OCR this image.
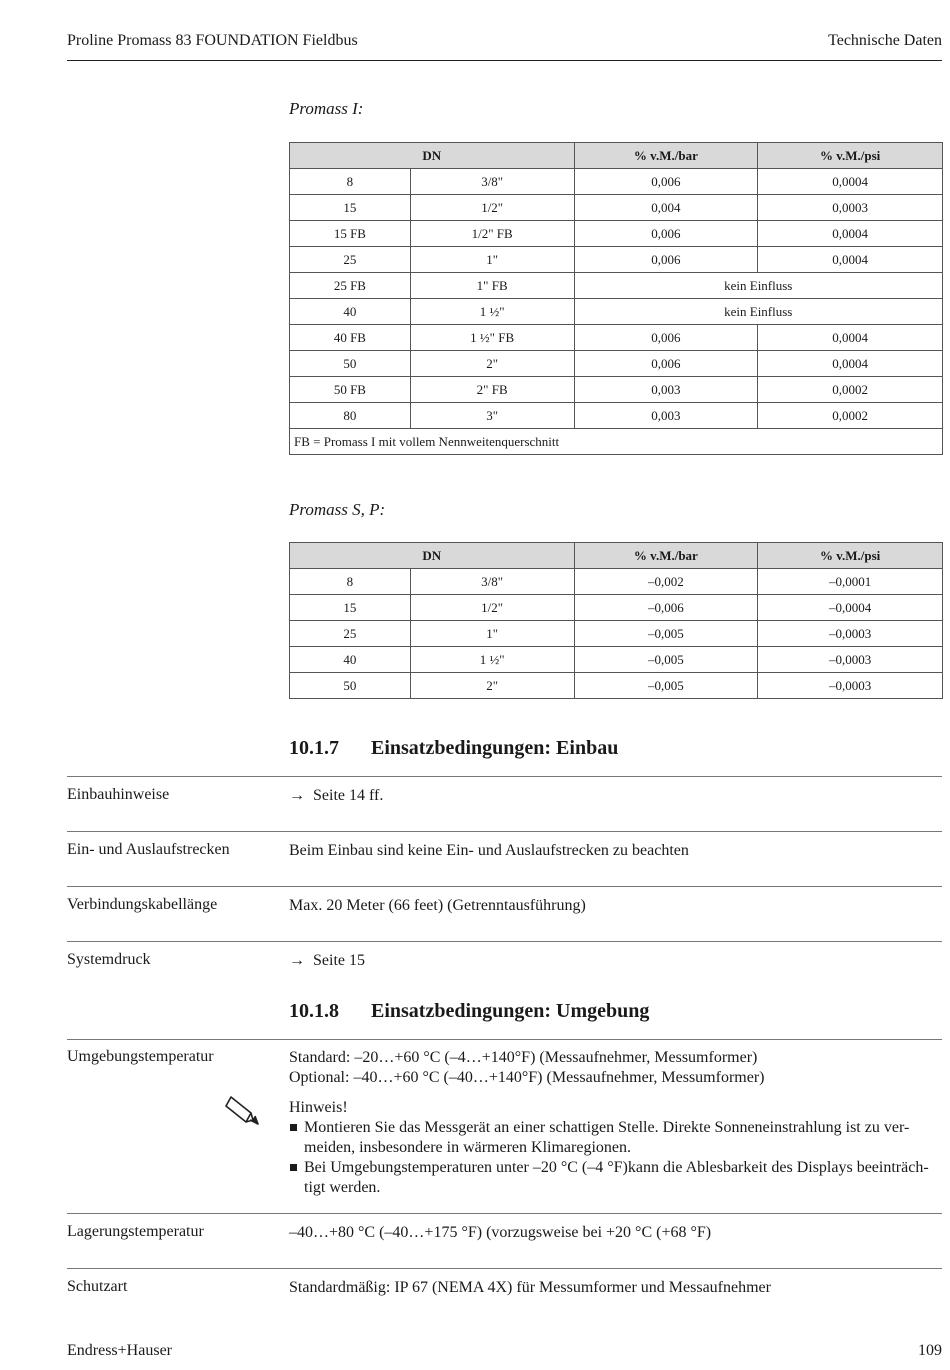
Proline Promass 83 FOUNDATION Fieldbus	Technische Daten
Promass I:
DN		% v.M./bar	% v.M./psi
8	3/8"	0,006	0,0004
15	1/2"	0,004	0,0003
15 FB	1/2" FB	0,006	0,0004
25	1"	0,006	0,0004
25 FB	1" FB	kein Einfluss	
40	1 ½"	kein Einfluss	
40 FB	1 ½" FB	0,006	0,0004
50	2"	0,006	0,0004
50 FB	2" FB	0,003	0,0002
80	3"	0,003	0,0002
FB = Promass I mit vollem Nennweitenquerschnitt			
Promass S, P:
DN		% v.M./bar	% v.M./psi
8	3/8"	–0,002	–0,0001
15	1/2"	–0,006	–0,0004
25	1"	–0,005	–0,0003
40	1 ½"	–0,005	–0,0003
50	2"	–0,005	–0,0003
10.1.7 Einsatzbedingungen: Einbau
Einbauhinweise	→ Seite 14 ff.
Ein- und Auslaufstrecken	Beim Einbau sind keine Ein- und Auslaufstrecken zu beachten
Verbindungskabellänge	Max. 20 Meter (66 feet) (Getrenntausführung)
Systemdruck	→ Seite 15
10.1.8 Einsatzbedingungen: Umgebung
Umgebungstemperatur	Standard: –20…+60 °C (–4…+140°F) (Messaufnehmer, Messumformer)
Optional: –40…+60 °C (–40…+140°F) (Messaufnehmer, Messumformer)
Hinweis!
Montieren Sie das Messgerät an einer schattigen Stelle. Direkte Sonneneinstrahlung ist zu ver-
meiden, insbesondere in wärmeren Klimaregionen.
Bei Umgebungstemperaturen unter –20 °C (–4 °F)kann die Ablesbarkeit des Displays beeinträch-
tigt werden.
Lagerungstemperatur	–40…+80 °C (–40…+175 °F) (vorzugsweise bei +20 °C (+68 °F)
Schutzart	Standardmäßig: IP 67 (NEMA 4X) für Messumformer und Messaufnehmer
Endress+Hauser	109
